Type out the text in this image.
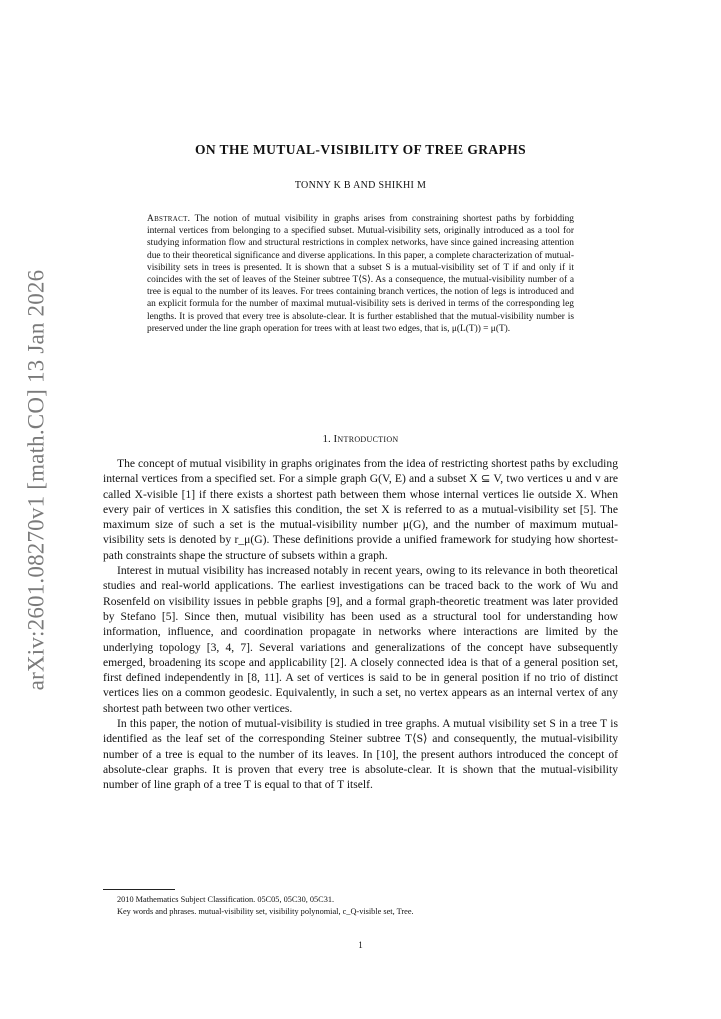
arXiv:2601.08270v1 [math.CO] 13 Jan 2026
ON THE MUTUAL-VISIBILITY OF TREE GRAPHS
TONNY K B AND SHIKHI M
Abstract. The notion of mutual visibility in graphs arises from constraining shortest paths by forbidding internal vertices from belonging to a specified subset. Mutual-visibility sets, originally introduced as a tool for studying information flow and structural restrictions in complex networks, have since gained increasing attention due to their theoretical significance and diverse applications. In this paper, a complete characterization of mutual-visibility sets in trees is presented. It is shown that a subset S is a mutual-visibility set of T if and only if it coincides with the set of leaves of the Steiner subtree T⟨S⟩. As a consequence, the mutual-visibility number of a tree is equal to the number of its leaves. For trees containing branch vertices, the notion of legs is introduced and an explicit formula for the number of maximal mutual-visibility sets is derived in terms of the corresponding leg lengths. It is proved that every tree is absolute-clear. It is further established that the mutual-visibility number is preserved under the line graph operation for trees with at least two edges, that is, μ(L(T)) = μ(T).
1. Introduction

The concept of mutual visibility in graphs originates from the idea of restricting shortest paths by excluding internal vertices from a specified set. For a simple graph G(V, E) and a subset X ⊆ V, two vertices u and v are called X-visible [1] if there exists a shortest path between them whose internal vertices lie outside X. When every pair of vertices in X satisfies this condition, the set X is referred to as a mutual-visibility set [5]. The maximum size of such a set is the mutual-visibility number μ(G), and the number of maximum mutual-visibility sets is denoted by r_μ(G). These definitions provide a unified framework for studying how shortest-path constraints shape the structure of subsets within a graph.

Interest in mutual visibility has increased notably in recent years, owing to its relevance in both theoretical studies and real-world applications. The earliest investigations can be traced back to the work of Wu and Rosenfeld on visibility issues in pebble graphs [9], and a formal graph-theoretic treatment was later provided by Stefano [5]. Since then, mutual visibility has been used as a structural tool for understanding how information, influence, and coordination propagate in networks where interactions are limited by the underlying topology [3, 4, 7]. Several variations and generalizations of the concept have subsequently emerged, broadening its scope and applicability [2]. A closely connected idea is that of a general position set, first defined independently in [8, 11]. A set of vertices is said to be in general position if no trio of distinct vertices lies on a common geodesic. Equivalently, in such a set, no vertex appears as an internal vertex of any shortest path between two other vertices.

In this paper, the notion of mutual-visibility is studied in tree graphs. A mutual visibility set S in a tree T is identified as the leaf set of the corresponding Steiner subtree T⟨S⟩ and consequently, the mutual-visibility number of a tree is equal to the number of its leaves. In [10], the present authors introduced the concept of absolute-clear graphs. It is proven that every tree is absolute-clear. It is shown that the mutual-visibility number of line graph of a tree T is equal to that of T itself.

2010 Mathematics Subject Classification. 05C05, 05C30, 05C31.

Key words and phrases. mutual-visibility set, visibility polynomial, c_Q-visible set, Tree.

1
